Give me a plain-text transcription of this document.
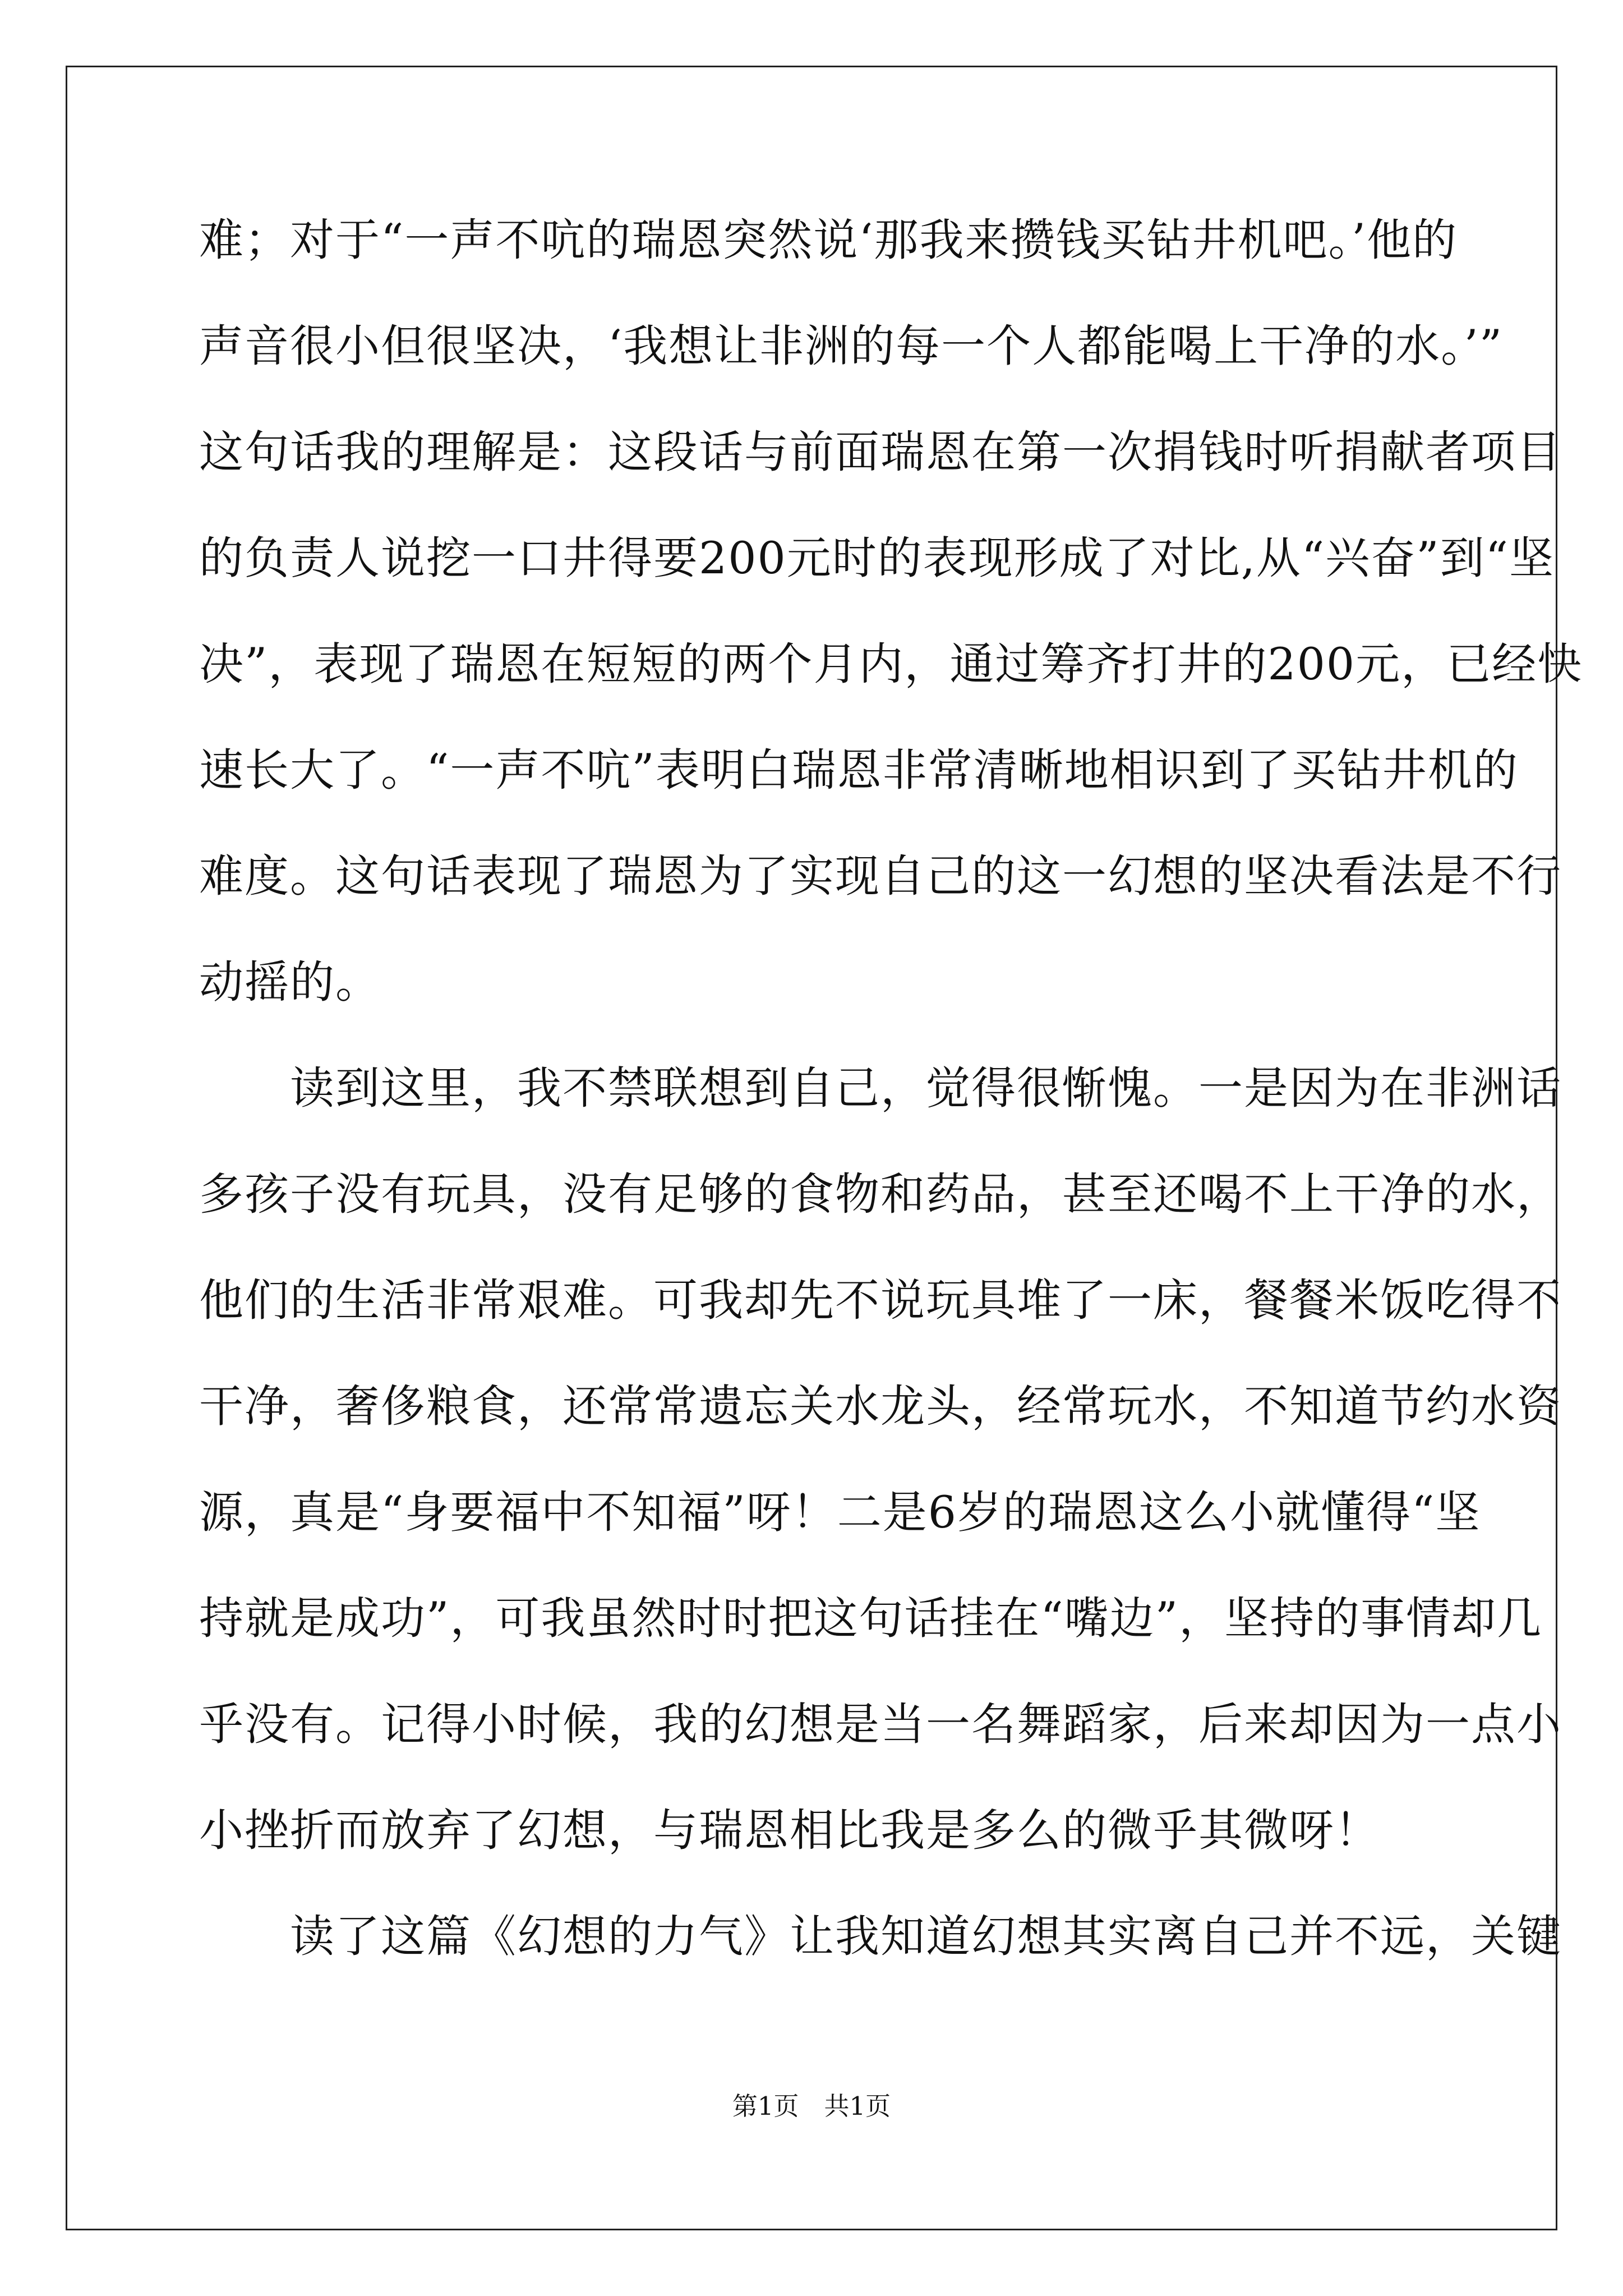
难；对于“一声不吭的瑞恩突然说‘那我来攒钱买钻井机吧。’他的
声音很小但很坚决，‘我想让非洲的每一个人都能喝上干净的水。’”
这句话我的理解是：这段话与前面瑞恩在第一次捐钱时听捐献者项目
的负责人说挖一口井得要200元时的表现形成了对比,从“兴奋”到“坚
决”，表现了瑞恩在短短的两个月内，通过筹齐打井的200元，已经快
速长大了。“一声不吭”表明白瑞恩非常清晰地相识到了买钻井机的
难度。这句话表现了瑞恩为了实现自己的这一幻想的坚决看法是不行
动摇的。
　　读到这里，我不禁联想到自己，觉得很惭愧。一是因为在非洲话
多孩子没有玩具，没有足够的食物和药品，甚至还喝不上干净的水，
他们的生活非常艰难。可我却先不说玩具堆了一床，餐餐米饭吃得不
干净，奢侈粮食，还常常遗忘关水龙头，经常玩水，不知道节约水资
源，真是“身要福中不知福”呀！二是6岁的瑞恩这么小就懂得“坚
持就是成功”，可我虽然时时把这句话挂在“嘴边”，坚持的事情却几
乎没有。记得小时候，我的幻想是当一名舞蹈家，后来却因为一点小
小挫折而放弃了幻想，与瑞恩相比我是多么的微乎其微呀！
　　读了这篇《幻想的力气》让我知道幻想其实离自己并不远，关键
第1页　共1页
